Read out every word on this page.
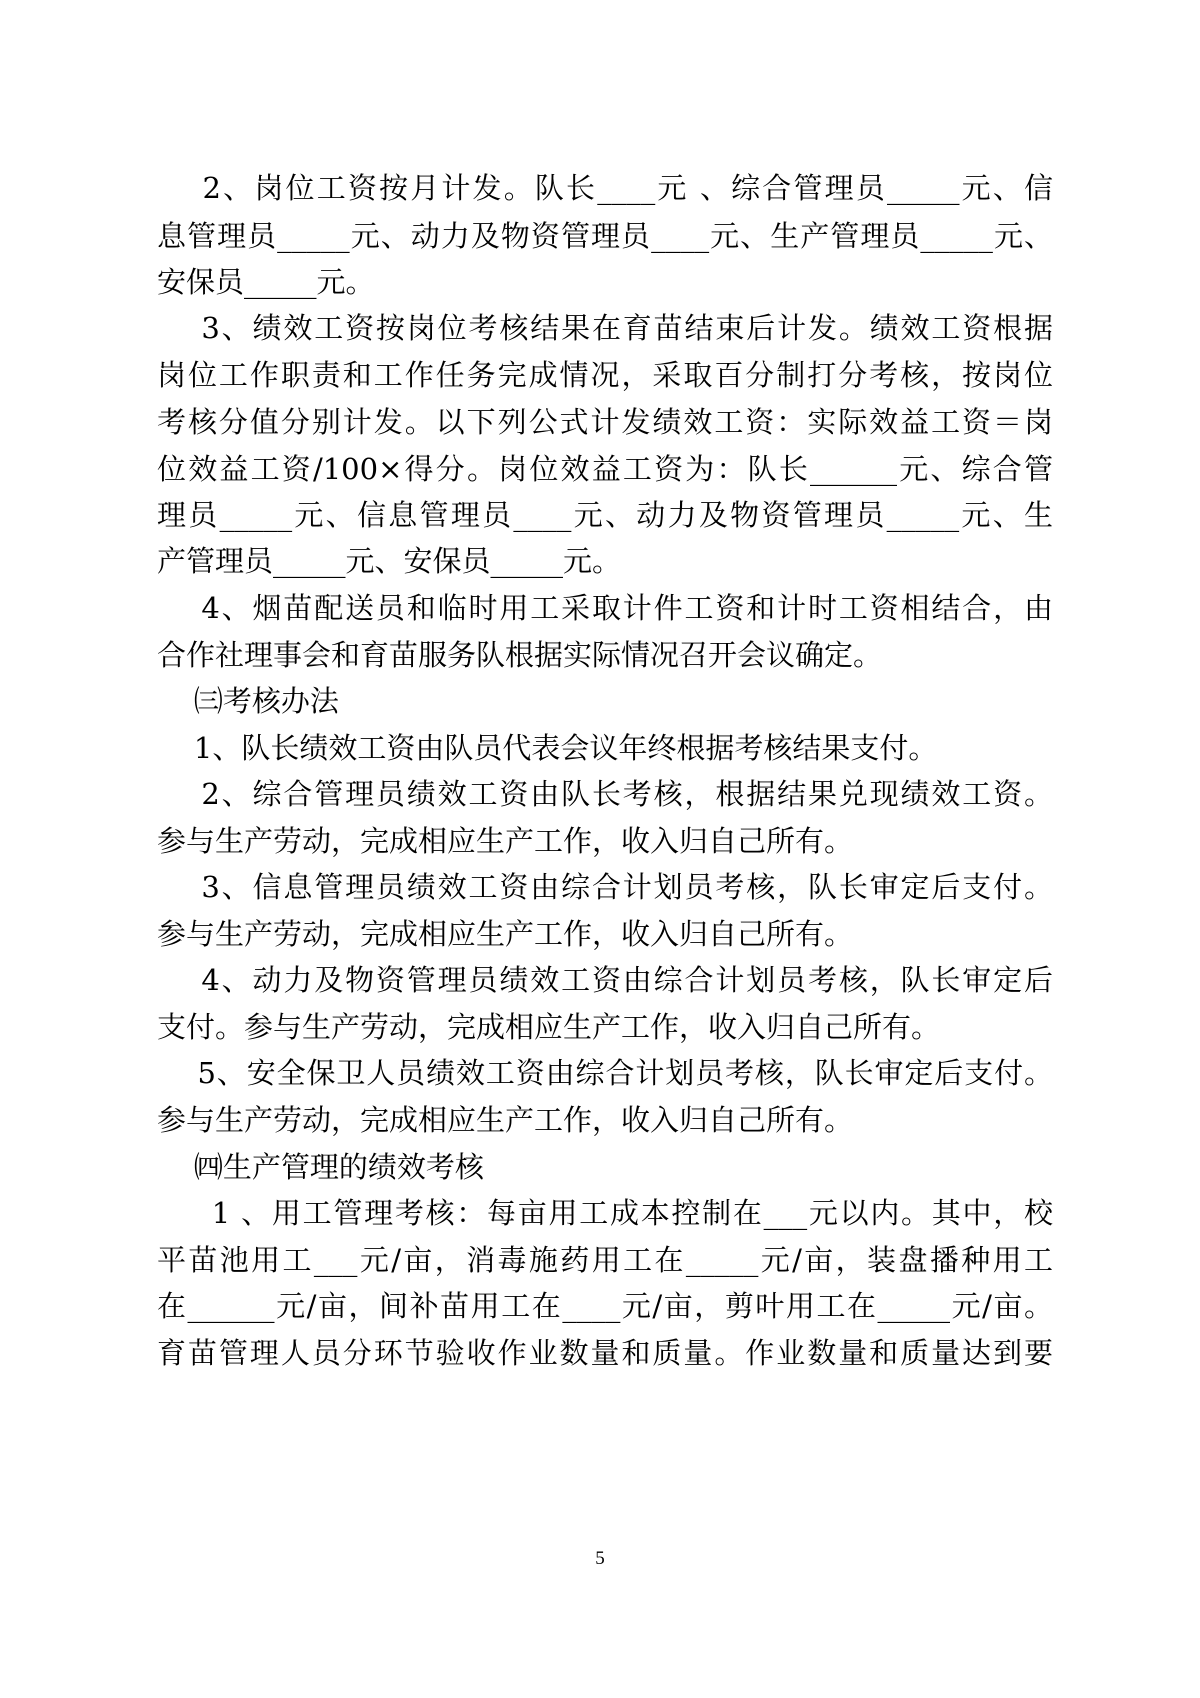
2、岗位工资按月计发。队长____元 、综合管理员_____元、信
息管理员_____元、动力及物资管理员____元、生产管理员_____元、
安保员_____元。
3、绩效工资按岗位考核结果在育苗结束后计发。绩效工资根据
岗位工作职责和工作任务完成情况，采取百分制打分考核，按岗位
考核分值分别计发。以下列公式计发绩效工资：实际效益工资＝岗
位效益工资/100×得分。岗位效益工资为：队长______元、综合管
理员_____元、信息管理员____元、动力及物资管理员_____元、生
产管理员_____元、安保员_____元。
4、烟苗配送员和临时用工采取计件工资和计时工资相结合，由
合作社理事会和育苗服务队根据实际情况召开会议确定。
㈢考核办法
1、队长绩效工资由队员代表会议年终根据考核结果支付。
2、综合管理员绩效工资由队长考核，根据结果兑现绩效工资。
参与生产劳动，完成相应生产工作，收入归自己所有。
3、信息管理员绩效工资由综合计划员考核，队长审定后支付。
参与生产劳动，完成相应生产工作，收入归自己所有。
4、动力及物资管理员绩效工资由综合计划员考核，队长审定后
支付。参与生产劳动，完成相应生产工作，收入归自己所有。
5、安全保卫人员绩效工资由综合计划员考核，队长审定后支付。
参与生产劳动，完成相应生产工作，收入归自己所有。
㈣生产管理的绩效考核
1 、用工管理考核：每亩用工成本控制在___元以内。其中，校
平苗池用工___元/亩，消毒施药用工在_____元/亩，装盘播种用工
在______元/亩，间补苗用工在____元/亩，剪叶用工在_____元/亩。
育苗管理人员分环节验收作业数量和质量。作业数量和质量达到要
5
